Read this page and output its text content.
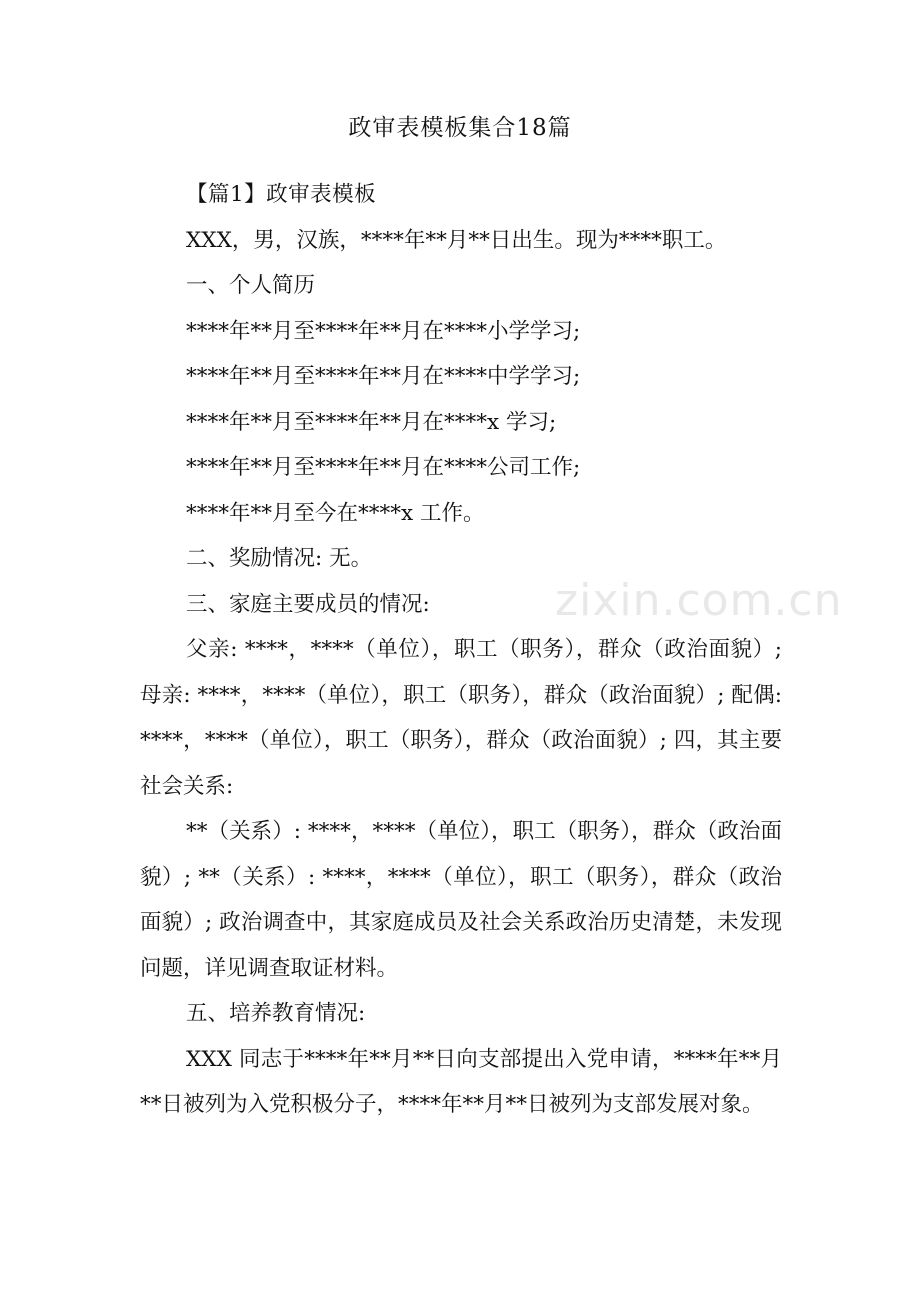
zixin.com.cn
政审表模板集合18篇

【篇1】政审表模板

XXX，男，汉族，****年**月**日出生。现为****职工。

一、个人简历

****年**月至****年**月在****小学学习;

****年**月至****年**月在****中学学习;

****年**月至****年**月在****x 学习;

****年**月至****年**月在****公司工作;

****年**月至今在****x 工作。

二、奖励情况: 无。

三、家庭主要成员的情况:

父亲: ****，****（单位），职工（职务），群众（政治面貌）; 母亲: ****，****（单位），职工（职务），群众（政治面貌）; 配偶: ****，****（单位），职工（职务），群众（政治面貌）; 四，其主要社会关系:

**（关系）: ****，****（单位），职工（职务），群众（政治面貌）; **（关系）: ****，****（单位），职工（职务），群众（政治面貌）; 政治调查中，其家庭成员及社会关系政治历史清楚，未发现问题，详见调查取证材料。

五、培养教育情况:

XXX 同志于****年**月**日向支部提出入党申请，****年**月**日被列为入党积极分子，****年**月**日被列为支部发展对象。
